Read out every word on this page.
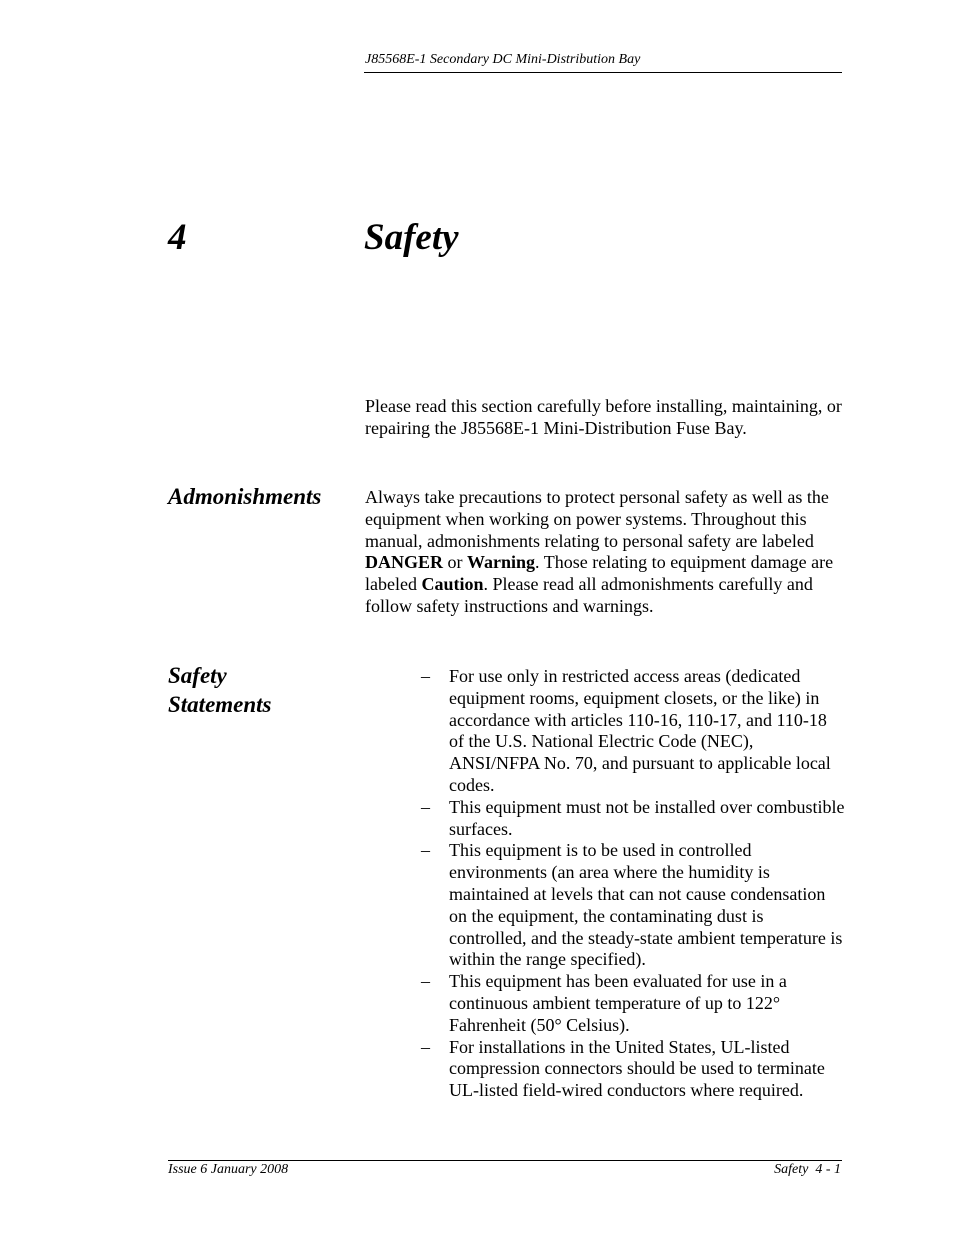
J85568E-1 Secondary DC Mini-Distribution Bay
4	Safety

Please read this section carefully before installing, maintaining, or repairing the J85568E-1 Mini-Distribution Fuse Bay.

Admonishments Always take precautions to protect personal safety as well as the equipment when working on power systems. Throughout this manual, admonishments relating to personal safety are labeled DANGER or Warning. Those relating to equipment damage are labeled Caution. Please read all admonishments carefully and follow safety instructions and warnings.

Safety
Statements
– For use only in restricted access areas (dedicated equipment rooms, equipment closets, or the like) in accordance with articles 110-16, 110-17, and 110-18 of the U.S. National Electric Code (NEC), ANSI/NFPA No. 70, and pursuant to applicable local codes.
– This equipment must not be installed over combustible surfaces.
– This equipment is to be used in controlled environments (an area where the humidity is maintained at levels that can not cause condensation on the equipment, the contaminating dust is controlled, and the steady-state ambient temperature is within the range specified).
– This equipment has been evaluated for use in a continuous ambient temperature of up to 122° Fahrenheit (50° Celsius).
– For installations in the United States, UL-listed compression connectors should be used to terminate UL-listed field-wired conductors where required.
Issue 6 January 2008	Safety  4 - 1
